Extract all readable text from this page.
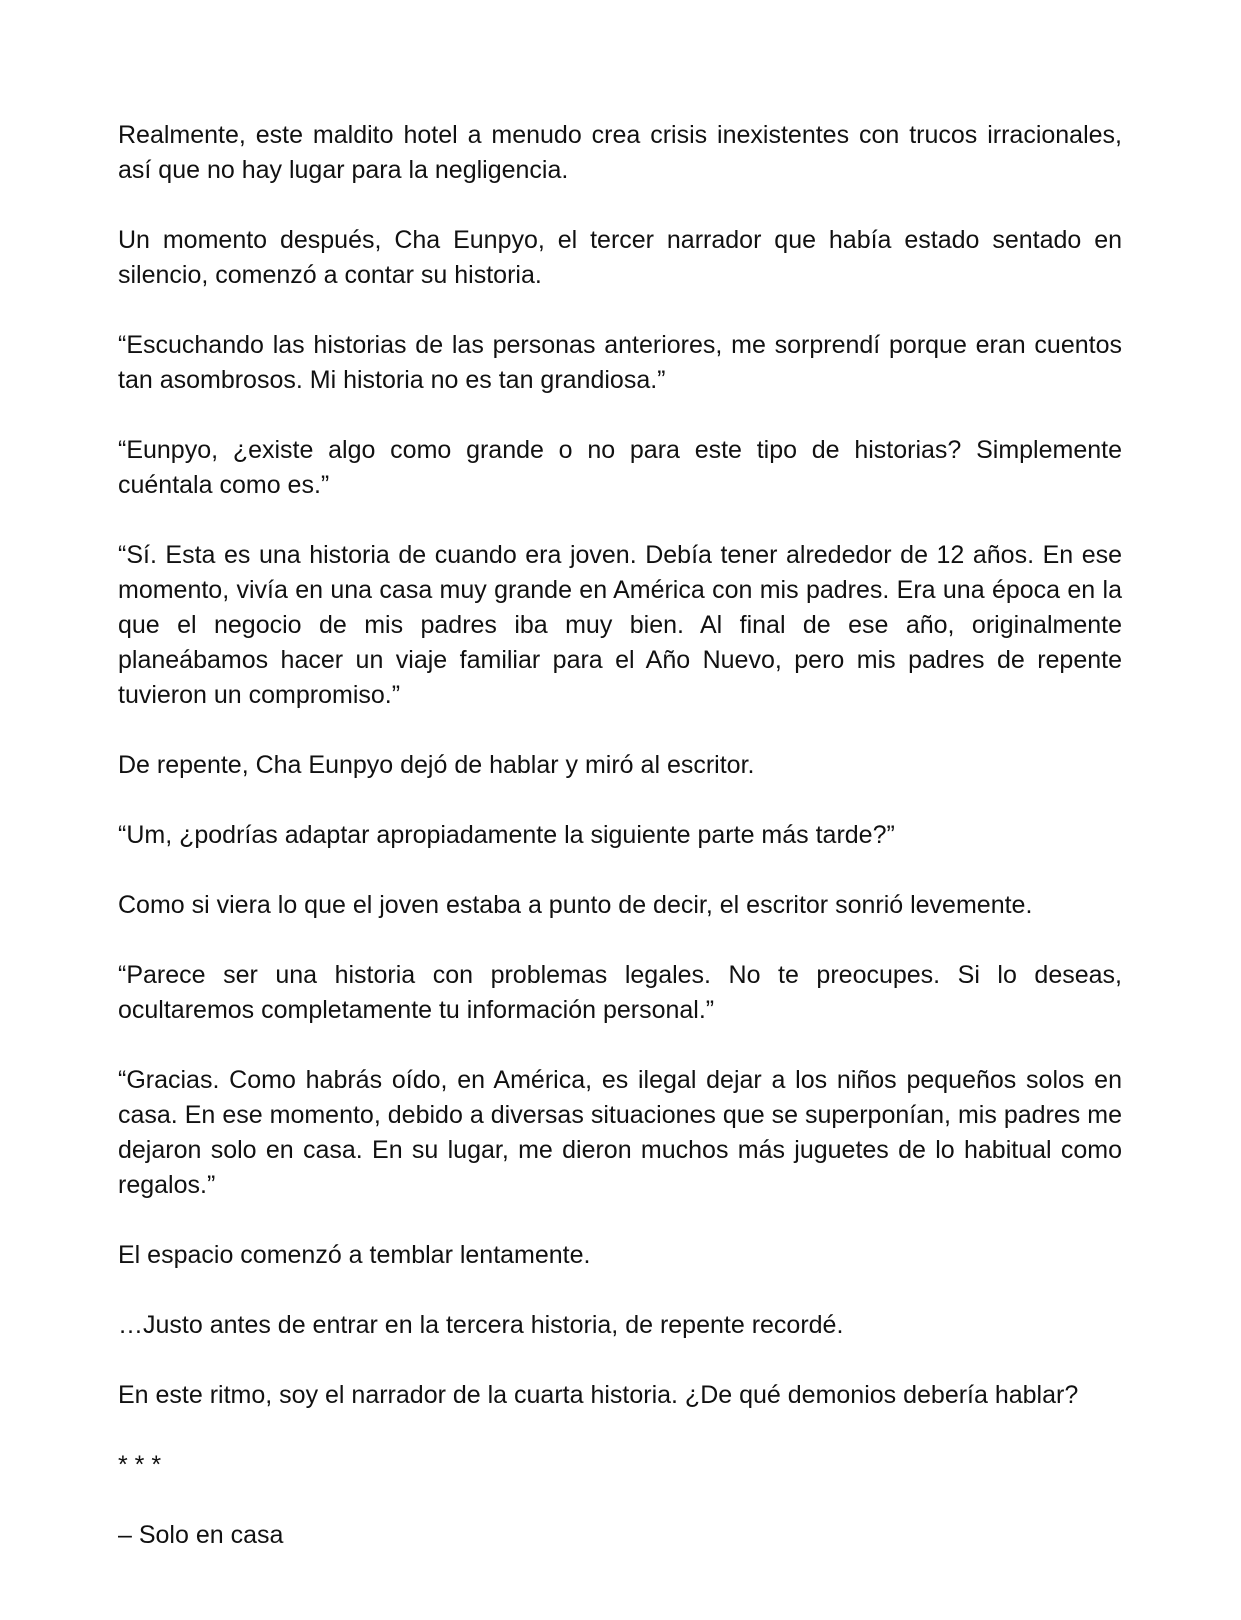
Realmente, este maldito hotel a menudo crea crisis inexistentes con trucos irracionales, así que no hay lugar para la negligencia.

Un momento después, Cha Eunpyo, el tercer narrador que había estado sentado en silencio, comenzó a contar su historia.

“Escuchando las historias de las personas anteriores, me sorprendí porque eran cuentos tan asombrosos. Mi historia no es tan grandiosa.”

“Eunpyo, ¿existe algo como grande o no para este tipo de historias? Simplemente cuéntala como es.”

“Sí. Esta es una historia de cuando era joven. Debía tener alrededor de 12 años. En ese momento, vivía en una casa muy grande en América con mis padres. Era una época en la que el negocio de mis padres iba muy bien. Al final de ese año, originalmente planeábamos hacer un viaje familiar para el Año Nuevo, pero mis padres de repente tuvieron un compromiso.”

De repente, Cha Eunpyo dejó de hablar y miró al escritor.

“Um, ¿podrías adaptar apropiadamente la siguiente parte más tarde?”

Como si viera lo que el joven estaba a punto de decir, el escritor sonrió levemente.

“Parece ser una historia con problemas legales. No te preocupes. Si lo deseas, ocultaremos completamente tu información personal.”

“Gracias. Como habrás oído, en América, es ilegal dejar a los niños pequeños solos en casa. En ese momento, debido a diversas situaciones que se superponían, mis padres me dejaron solo en casa. En su lugar, me dieron muchos más juguetes de lo habitual como regalos.”

El espacio comenzó a temblar lentamente.

…Justo antes de entrar en la tercera historia, de repente recordé.

En este ritmo, soy el narrador de la cuarta historia. ¿De qué demonios debería hablar?

* * *

– Solo en casa
